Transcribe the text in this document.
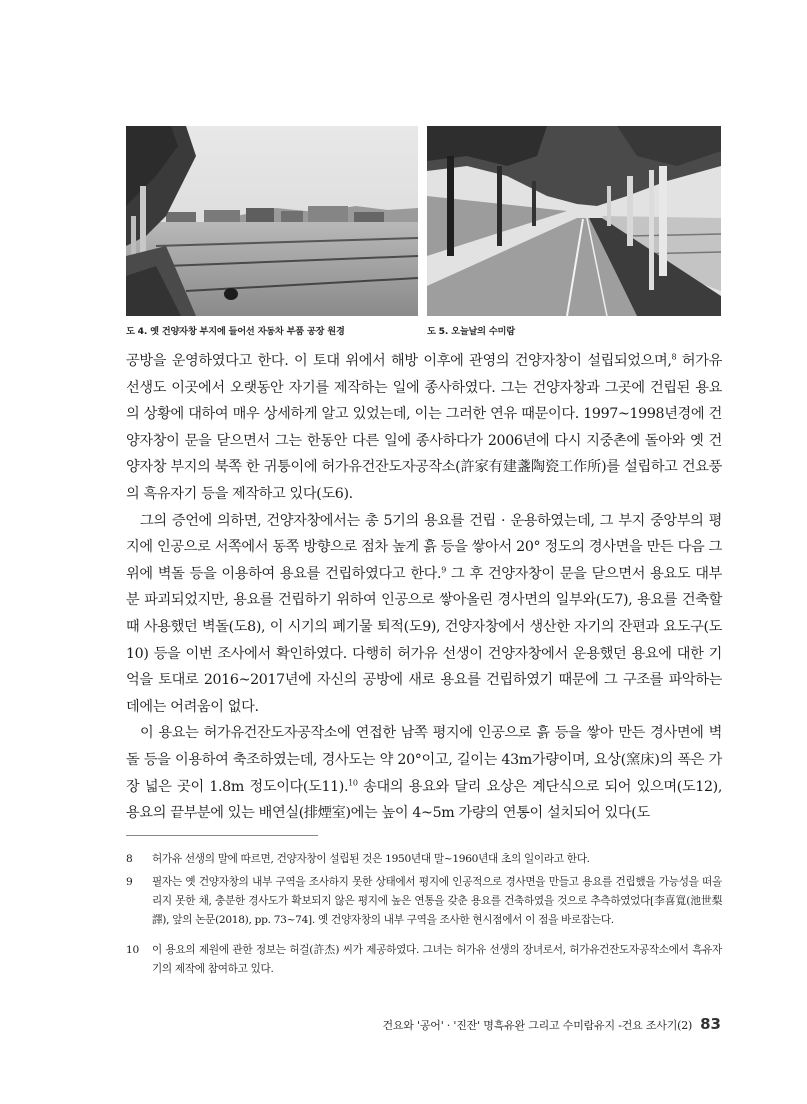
도 4. 옛 건양자창 부지에 들어선 자동차 부품 공장 원경	도 5. 오늘날의 수미람

공방을 운영하였다고 한다. 이 토대 위에서 해방 이후에 관영의 건양자창이 설립되었으며,$^8$ 허가유 선생도 이곳에서 오랫동안 자기를 제작하는 일에 종사하였다. 그는 건양자창과 그곳에 건립된 용요의 상황에 대하여 매우 상세하게 알고 있었는데, 이는 그러한 연유 때문이다. 1997~1998년경에 건양자창이 문을 닫으면서 그는 한동안 다른 일에 종사하다가 2006년에 다시 지중촌에 돌아와 옛 건양자창 부지의 북쪽 한 귀퉁이에 허가유건잔도자공작소(許家有建盞陶瓷工作所)를 설립하고 건요풍의 흑유자기 등을 제작하고 있다(도6).

그의 증언에 의하면, 건양자창에서는 총 5기의 용요를 건립 · 운용하였는데, 그 부지 중앙부의 평지에 인공으로 서쪽에서 동쪽 방향으로 점차 높게 흙 등을 쌓아서 20° 정도의 경사면을 만든 다음 그 위에 벽돌 등을 이용하여 용요를 건립하였다고 한다.$^9$ 그 후 건양자창이 문을 닫으면서 용요도 대부분 파괴되었지만, 용요를 건립하기 위하여 인공으로 쌓아올린 경사면의 일부와(도7), 용요를 건축할 때 사용했던 벽돌(도8), 이 시기의 폐기물 퇴적(도9), 건양자창에서 생산한 자기의 잔편과 요도구(도10) 등을 이번 조사에서 확인하였다. 다행히 허가유 선생이 건양자창에서 운용했던 용요에 대한 기억을 토대로 2016~2017년에 자신의 공방에 새로 용요를 건립하였기 때문에 그 구조를 파악하는 데에는 어려움이 없다.

이 용요는 허가유건잔도자공작소에 연접한 남쪽 평지에 인공으로 흙 등을 쌓아 만든 경사면에 벽돌 등을 이용하여 축조하였는데, 경사도는 약 20°이고, 길이는 43m가량이며, 요상(窯床)의 폭은 가장 넓은 곳이 1.8m 정도이다(도11).$^{10}$ 송대의 용요와 달리 요상은 계단식으로 되어 있으며(도12), 용요의 끝부분에 있는 배연실(排煙室)에는 높이 4~5m 가량의 연통이 설치되어 있다(도

8	허가유 선생의 말에 따르면, 건양자창이 설립된 것은 1950년대 말~1960년대 초의 일이라고 한다.
9	필자는 옛 건양자창의 내부 구역을 조사하지 못한 상태에서 평지에 인공적으로 경사면을 만들고 용요를 건립했을 가능성을 떠올리지 못한 채, 충분한 경사도가 확보되지 않은 평지에 높은 연통을 갖춘 용요를 건축하였을 것으로 추측하였었다[李喜寬(池世梨 譯), 앞의 논문(2018), pp. 73~74]. 옛 건양자창의 내부 구역을 조사한 현시점에서 이 점을 바로잡는다.
10	이 용요의 제원에 관한 정보는 허걸(許杰) 씨가 제공하였다. 그녀는 허가유 선생의 장녀로서, 허가유건잔도자공작소에서 흑유자기의 제작에 참여하고 있다.
건요와 '공어' · '진잔' 명흑유완 그리고 수미람유지 -건요 조사기(2) 83
